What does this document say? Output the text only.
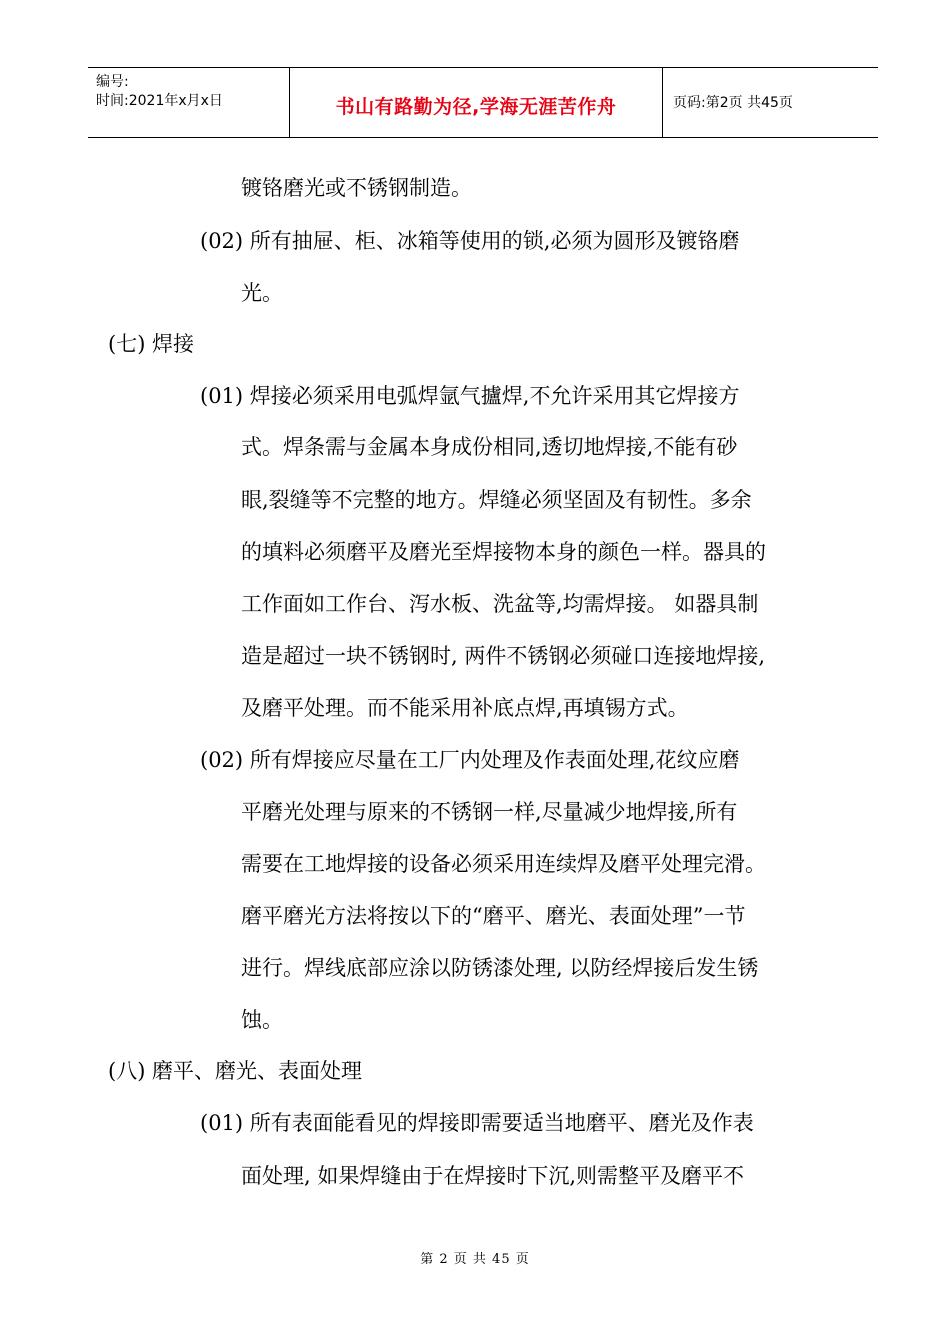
编号:
时间:2021年x月x日	书山有路勤为径,学海无涯苦作舟	页码:第2页 共45页
镀铬磨光或不锈钢制造。
(02) 所有抽屉、柜、冰箱等使用的锁,必须为圆形及镀铬磨
光。
(七) 焊接
(01) 焊接必须采用电弧焊氩气攎焊,不允许采用其它焊接方
式。焊条需与金属本身成份相同,透切地焊接,不能有砂
眼,裂缝等不完整的地方。焊缝必须坚固及有韧性。多余
的填料必须磨平及磨光至焊接物本身的颜色一样。器具的
工作面如工作台、泻水板、洗盆等,均需焊接。 如器具制
造是超过一块不锈钢时, 两件不锈钢必须碰口连接地焊接,
及磨平处理。而不能采用补底点焊,再填锡方式。
(02) 所有焊接应尽量在工厂内处理及作表面处理,花纹应磨
平磨光处理与原来的不锈钢一样,尽量减少地焊接,所有
需要在工地焊接的设备必须采用连续焊及磨平处理完滑。
磨平磨光方法将按以下的“磨平、磨光、表面处理”一节
进行。焊线底部应涂以防锈漆处理, 以防经焊接后发生锈
蚀。
(八) 磨平、磨光、表面处理
(01) 所有表面能看见的焊接即需要适当地磨平、磨光及作表
面处理, 如果焊缝由于在焊接时下沉,则需整平及磨平不
第 2 页 共 45 页
